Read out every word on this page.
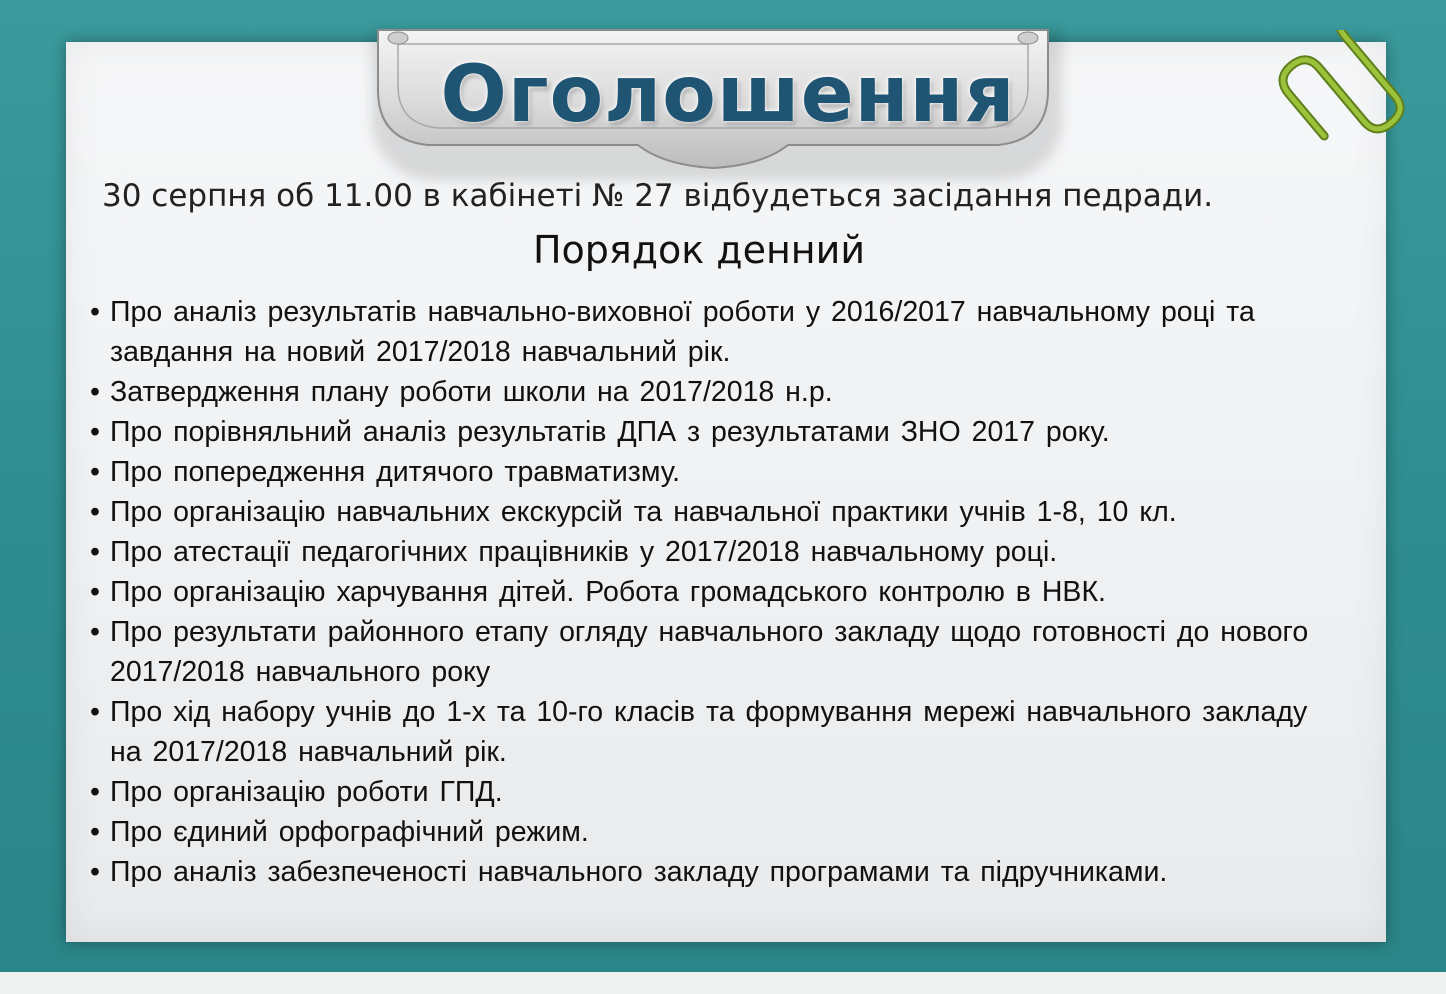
Оголошення
30 серпня об 11.00 в кабінеті № 27 відбудеться засідання педради.
Порядок денний
• Про аналіз результатів навчально-виховної роботи у 2016/2017 навчальному році та завдання на новий 2017/2018 навчальний рік.
• Затвердження плану роботи школи на 2017/2018 н.р.
• Про порівняльний аналіз результатів ДПА з результатами ЗНО 2017 року.
• Про попередження дитячого травматизму.
• Про організацію навчальних екскурсій та навчальної практики учнів 1-8, 10 кл.
• Про атестації педагогічних працівників у 2017/2018 навчальному році.
• Про організацію харчування дітей. Робота громадського контролю в НВК.
• Про результати районного етапу огляду навчального закладу щодо готовності до нового 2017/2018 навчального року
• Про хід набору учнів до 1-х та 10-го класів та формування мережі навчального закладу на 2017/2018 навчальний рік.
• Про організацію роботи ГПД.
• Про єдиний орфографічний режим.
• Про аналіз забезпеченості навчального закладу програмами та підручниками.
